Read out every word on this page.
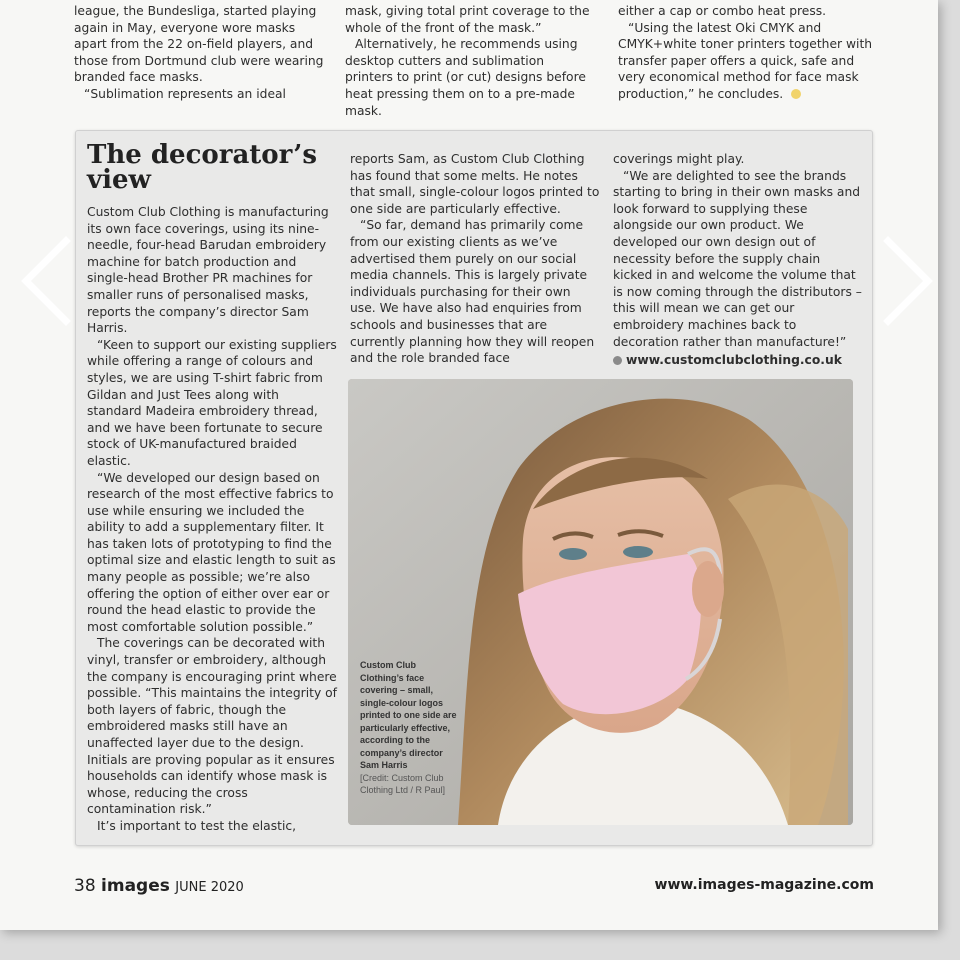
league, the Bundesliga, started playing again in May, everyone wore masks apart from the 22 on-field players, and those from Dortmund club were wearing branded face masks.

“Sublimation represents an ideal

mask, giving total print coverage to the whole of the front of the mask.”

Alternatively, he recommends using desktop cutters and sublimation printers to print (or cut) designs before heat pressing them on to a pre-made mask.

either a cap or combo heat press.

“Using the latest Oki CMYK and CMYK+white toner printers together with transfer paper offers a quick, safe and very economical method for face mask production,” he concludes.

The decorator’s view

Custom Club Clothing is manufacturing its own face coverings, using its nine-needle, four-head Barudan embroidery machine for batch production and single-head Brother PR machines for smaller runs of personalised masks, reports the company’s director Sam Harris.

“Keen to support our existing suppliers while offering a range of colours and styles, we are using T-shirt fabric from Gildan and Just Tees along with standard Madeira embroidery thread, and we have been fortunate to secure stock of UK-manufactured braided elastic.

“We developed our design based on research of the most effective fabrics to use while ensuring we included the ability to add a supplementary filter. It has taken lots of prototyping to find the optimal size and elastic length to suit as many people as possible; we’re also offering the option of either over ear or round the head elastic to provide the most comfortable solution possible.”

The coverings can be decorated with vinyl, transfer or embroidery, although the company is encouraging print where possible. “This maintains the integrity of both layers of fabric, though the embroidered masks still have an unaffected layer due to the design. Initials are proving popular as it ensures households can identify whose mask is whose, reducing the cross contamination risk.”

It’s important to test the elastic,

reports Sam, as Custom Club Clothing has found that some melts. He notes that small, single-colour logos printed to one side are particularly effective.

“So far, demand has primarily come from our existing clients as we’ve advertised them purely on our social media channels. This is largely private individuals purchasing for their own use. We have also had enquiries from schools and businesses that are currently planning how they will reopen and the role branded face

coverings might play.

“We are delighted to see the brands starting to bring in their own masks and look forward to supplying these alongside our own product. We developed our own design out of necessity before the supply chain kicked in and welcome the volume that is now coming through the distributors – this will mean we can get our embroidery machines back to decoration rather than manufacture!”

www.customclubclothing.co.uk
Custom Club Clothing’s face covering – small, single-colour logos printed to one side are particularly effective, according to the company’s director Sam Harris
[Credit: Custom Club Clothing Ltd / R Paul]
38 images JUNE 2020	www.images-magazine.com
